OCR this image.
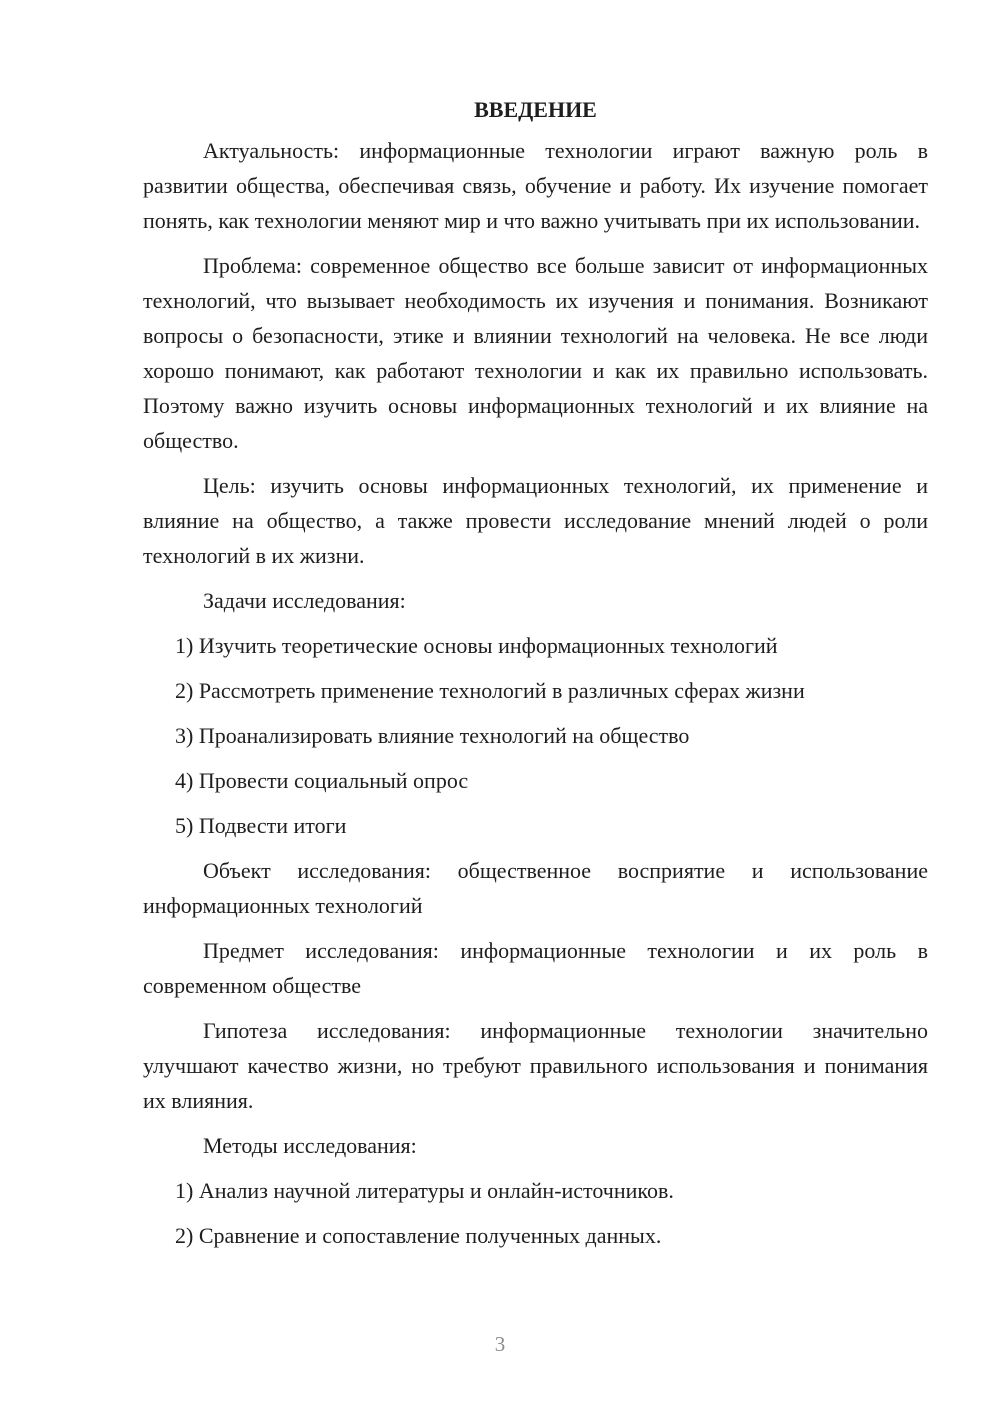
ВВЕДЕНИЕ
Актуальность: информационные технологии играют важную роль в развитии общества, обеспечивая связь, обучение и работу. Их изучение помогает понять, как технологии меняют мир и что важно учитывать при их использовании.
Проблема: современное общество все больше зависит от информационных технологий, что вызывает необходимость их изучения и понимания. Возникают вопросы о безопасности, этике и влиянии технологий на человека. Не все люди хорошо понимают, как работают технологии и как их правильно использовать. Поэтому важно изучить основы информационных технологий и их влияние на общество.
Цель: изучить основы информационных технологий, их применение и влияние на общество, а также провести исследование мнений людей о роли технологий в их жизни.
Задачи исследования:
1) Изучить теоретические основы информационных технологий
2) Рассмотреть применение технологий в различных сферах жизни
3) Проанализировать влияние технологий на общество
4) Провести социальный опрос
5) Подвести итоги
Объект исследования: общественное восприятие и использование информационных технологий
Предмет исследования: информационные технологии и их роль в современном обществе
Гипотеза исследования: информационные технологии значительно улучшают качество жизни, но требуют правильного использования и понимания их влияния.
Методы исследования:
1) Анализ научной литературы и онлайн-источников.
2) Сравнение и сопоставление полученных данных.
3
